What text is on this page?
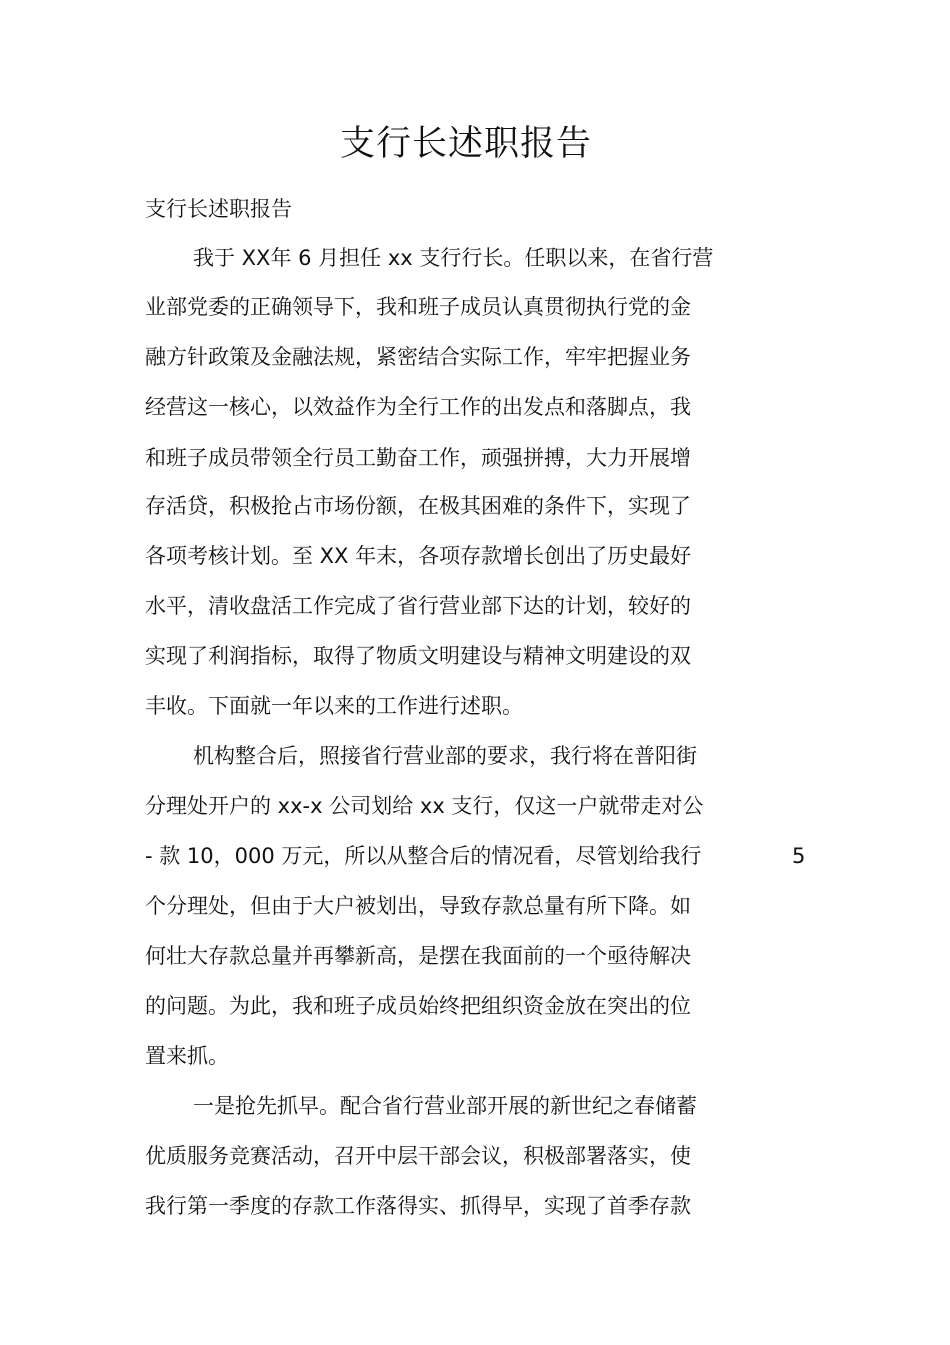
支行长述职报告

支行长述职报告

我于 XX年 6 月担任 xx 支行行长。任职以来，在省行营

业部党委的正确领导下，我和班子成员认真贯彻执行党的金

融方针政策及金融法规，紧密结合实际工作，牢牢把握业务

经营这一核心，以效益作为全行工作的出发点和落脚点，我

和班子成员带领全行员工勤奋工作，顽强拼搏，大力开展增

存活贷，积极抢占市场份额，在极其困难的条件下，实现了

各项考核计划。至 XX 年末，各项存款增长创出了历史最好

水平，清收盘活工作完成了省行营业部下达的计划，较好的

实现了利润指标，取得了物质文明建设与精神文明建设的双

丰收。下面就一年以来的工作进行述职。

机构整合后，照接省行营业部的要求，我行将在普阳街

分理处开户的 xx-x 公司划给 xx 支行，仅这一户就带走对公

- 款 10，000 万元，所以从整合后的情况看，尽管划给我行	5

个分理处，但由于大户被划出，导致存款总量有所下降。如

何壮大存款总量并再攀新高，是摆在我面前的一个亟待解决

的问题。为此，我和班子成员始终把组织资金放在突出的位

置来抓。

一是抢先抓早。配合省行营业部开展的新世纪之春储蓄

优质服务竞赛活动，召开中层干部会议，积极部署落实，使

我行第一季度的存款工作落得实、抓得早，实现了首季存款
